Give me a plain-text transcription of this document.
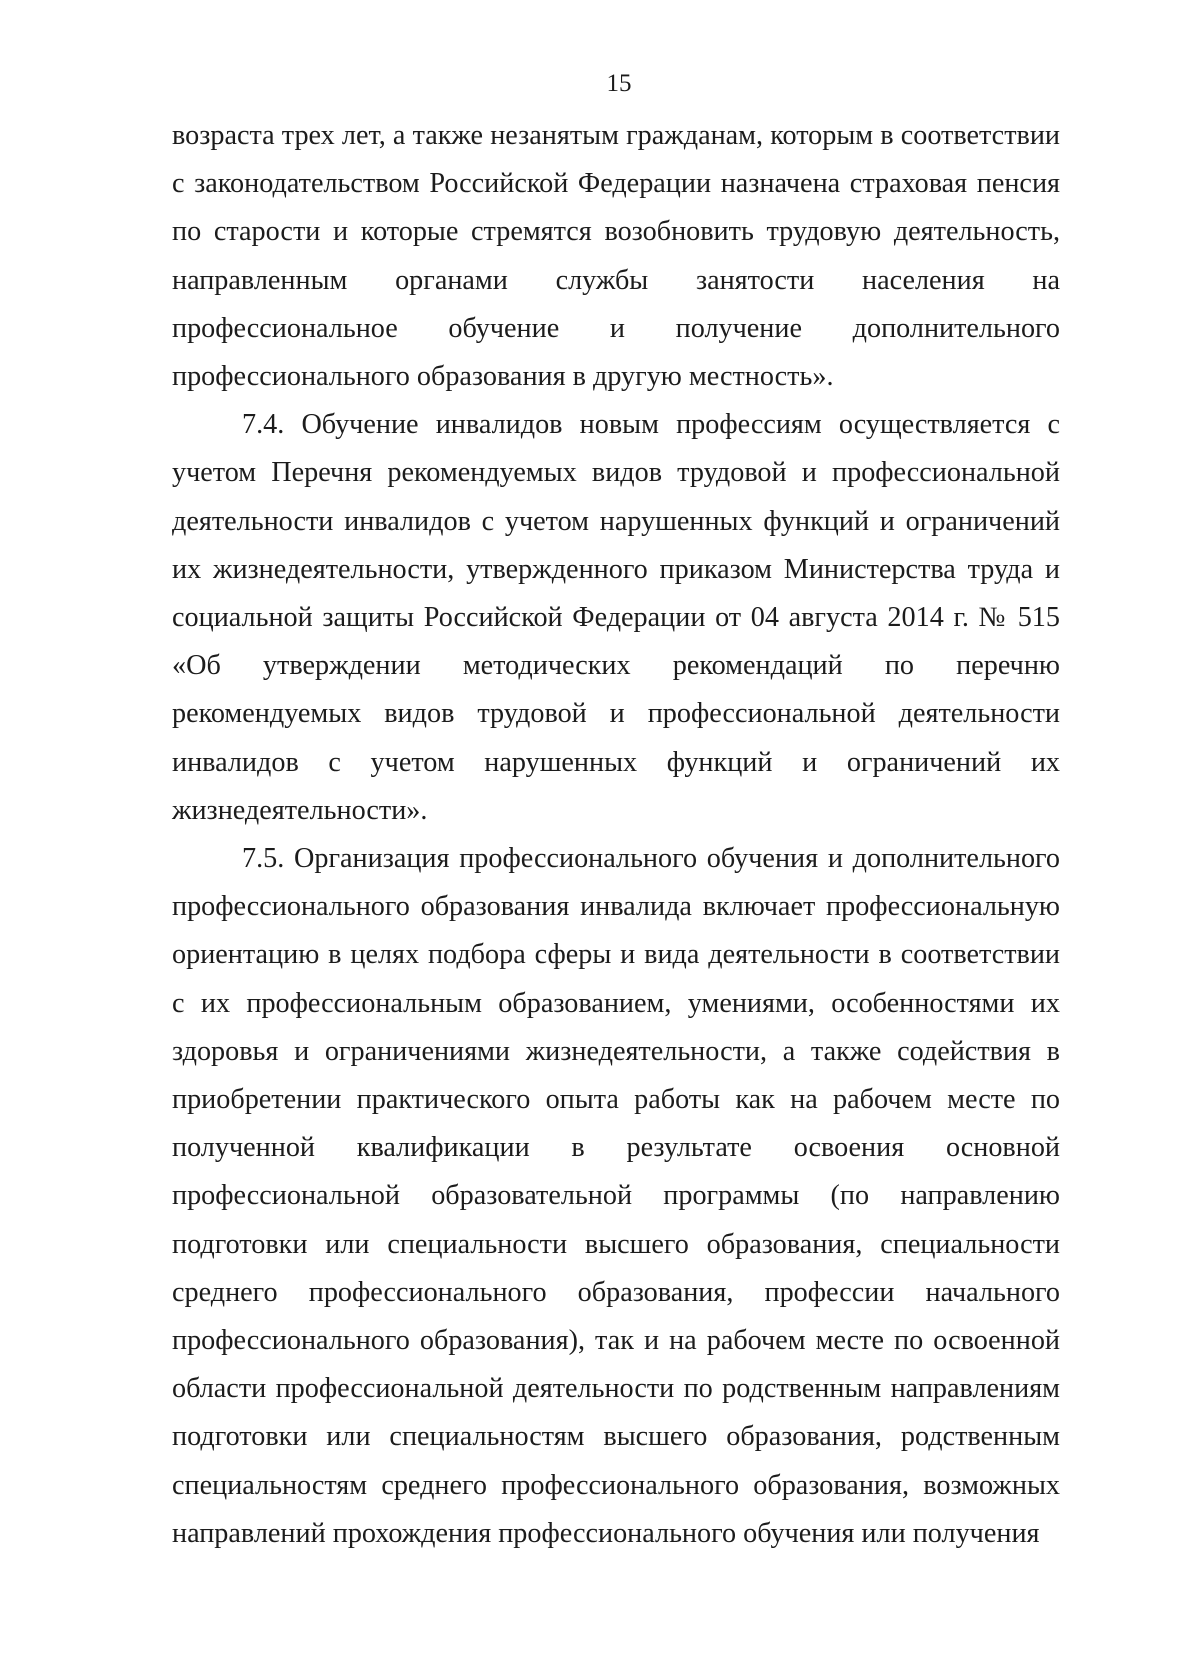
15

возраста трех лет, а также незанятым гражданам, которым в соответствии с законодательством Российской Федерации назначена страховая пенсия по старости и которые стремятся возобновить трудовую деятельность, направленным органами службы занятости населения на профессиональное обучение и получение дополнительного профессионального образования в другую местность».

7.4. Обучение инвалидов новым профессиям осуществляется с учетом Перечня рекомендуемых видов трудовой и профессиональной деятельности инвалидов с учетом нарушенных функций и ограничений их жизнедеятельности, утвержденного приказом Министерства труда и социальной защиты Российской Федерации от 04 августа 2014 г. № 515 «Об утверждении методических рекомендаций по перечню рекомендуемых видов трудовой и профессиональной деятельности инвалидов с учетом нарушенных функций и ограничений их жизнедеятельности».

7.5. Организация профессионального обучения и дополнительного профессионального образования инвалида включает профессиональную ориентацию в целях подбора сферы и вида деятельности в соответствии с их профессиональным образованием, умениями, особенностями их здоровья и ограничениями жизнедеятельности, а также содействия в приобретении практического опыта работы как на рабочем месте по полученной квалификации в результате освоения основной профессиональной образовательной программы (по направлению подготовки или специальности высшего образования, специальности среднего профессионального образования, профессии начального профессионального образования), так и на рабочем месте по освоенной области профессиональной деятельности по родственным направлениям подготовки или специальностям высшего образования, родственным специальностям среднего профессионального образования, возможных направлений прохождения профессионального обучения или получения
